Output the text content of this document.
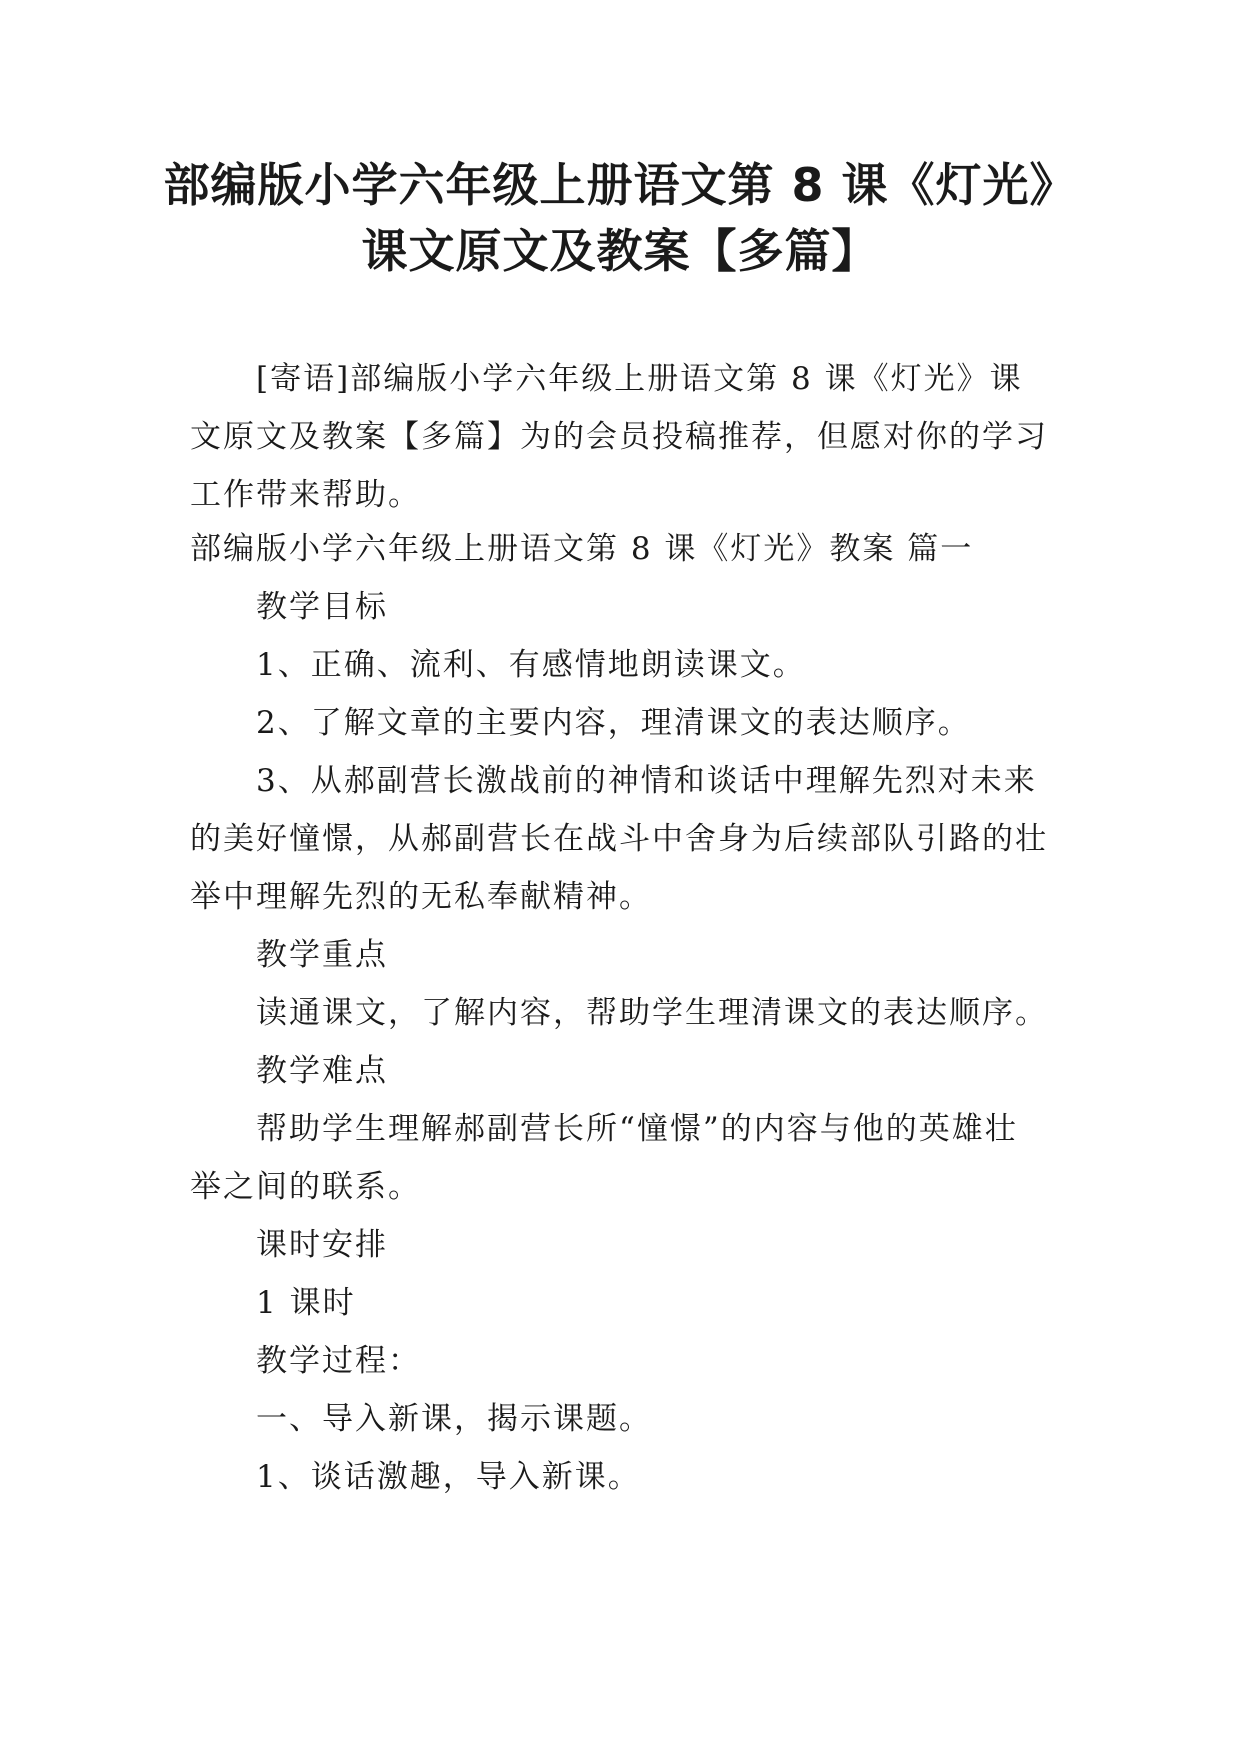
部编版小学六年级上册语文第 8 课《灯光》
课文原文及教案【多篇】

[寄语]部编版小学六年级上册语文第 8 课《灯光》课文原文及教案【多篇】为的会员投稿推荐，但愿对你的学习工作带来帮助。

部编版小学六年级上册语文第 8 课《灯光》教案 篇一

教学目标

1、正确、流利、有感情地朗读课文。

2、了解文章的主要内容，理清课文的表达顺序。

3、从郝副营长激战前的神情和谈话中理解先烈对未来的美好憧憬，从郝副营长在战斗中舍身为后续部队引路的壮举中理解先烈的无私奉献精神。

教学重点

读通课文，了解内容，帮助学生理清课文的表达顺序。

教学难点

帮助学生理解郝副营长所“憧憬”的内容与他的英雄壮举之间的联系。

课时安排

1 课时

教学过程：

一、导入新课，揭示课题。

1、谈话激趣，导入新课。
